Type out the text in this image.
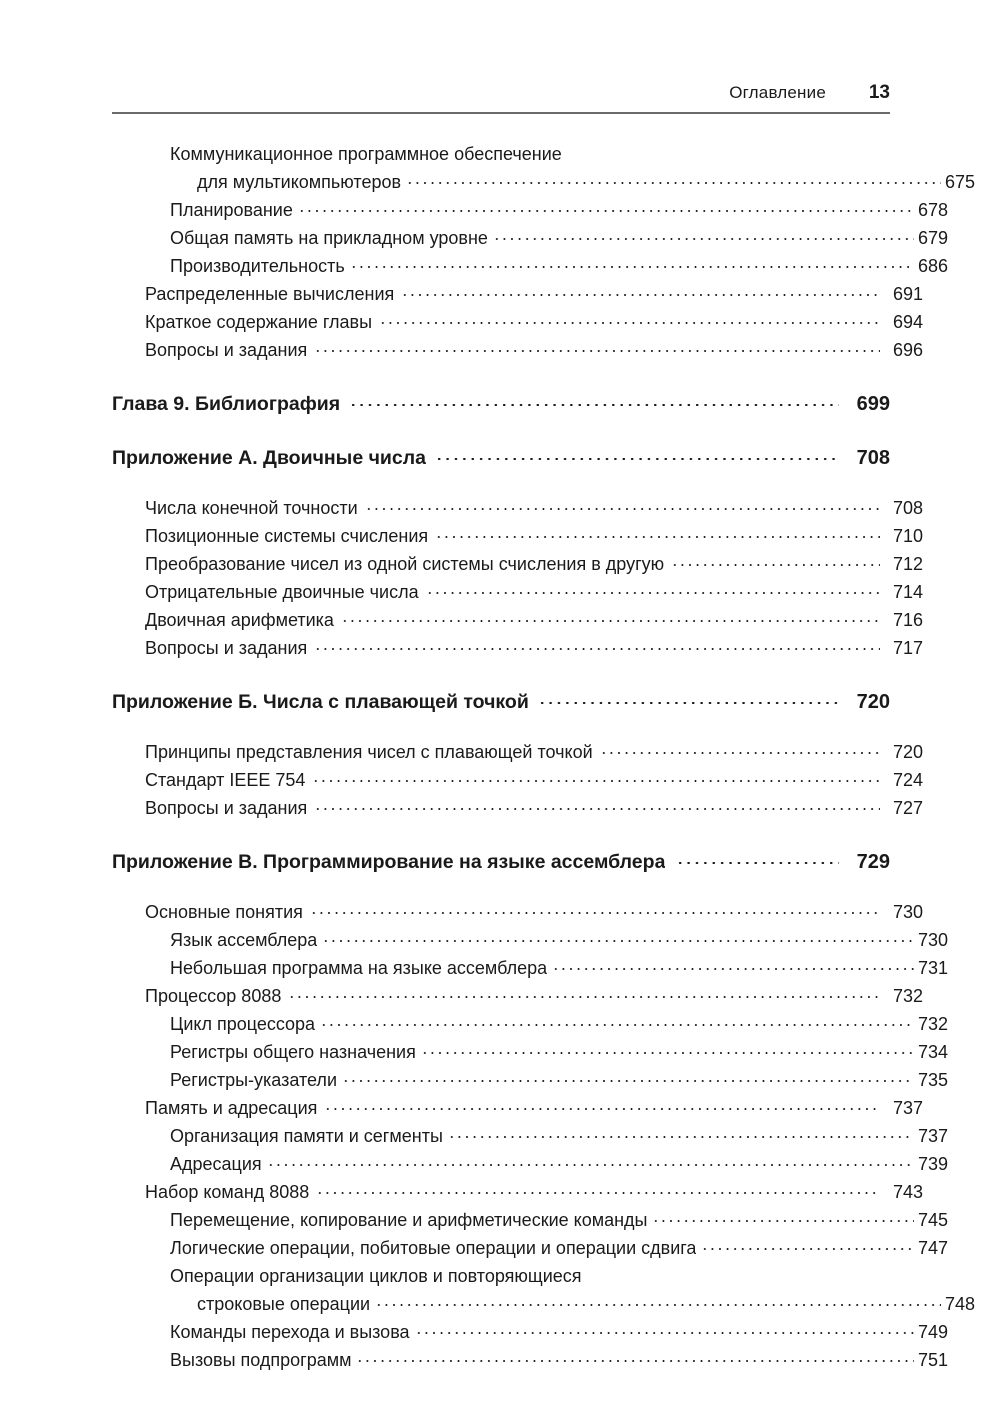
Оглавление 13
Коммуникационное программное обеспечение
для мультикомпьютеров	675
Планирование	678
Общая память на прикладном уровне	679
Производительность	686
Распределенные вычисления	691
Краткое содержание главы	694
Вопросы и задания	696
Глава 9. Библиография	699
Приложение А. Двоичные числа	708
Числа конечной точности	708
Позиционные системы счисления	710
Преобразование чисел из одной системы счисления в другую	712
Отрицательные двоичные числа	714
Двоичная арифметика	716
Вопросы и задания	717
Приложение Б. Числа с плавающей точкой	720
Принципы представления чисел с плавающей точкой	720
Стандарт IEEE 754	724
Вопросы и задания	727
Приложение В. Программирование на языке ассемблера	729
Основные понятия	730
Язык ассемблера	730
Небольшая программа на языке ассемблера	731
Процессор 8088	732
Цикл процессора	732
Регистры общего назначения	734
Регистры-указатели	735
Память и адресация	737
Организация памяти и сегменты	737
Адресация	739
Набор команд 8088	743
Перемещение, копирование и арифметические команды	745
Логические операции, побитовые операции и операции сдвига	747
Операции организации циклов и повторяющиеся
строковые операции	748
Команды перехода и вызова	749
Вызовы подпрограмм	751
